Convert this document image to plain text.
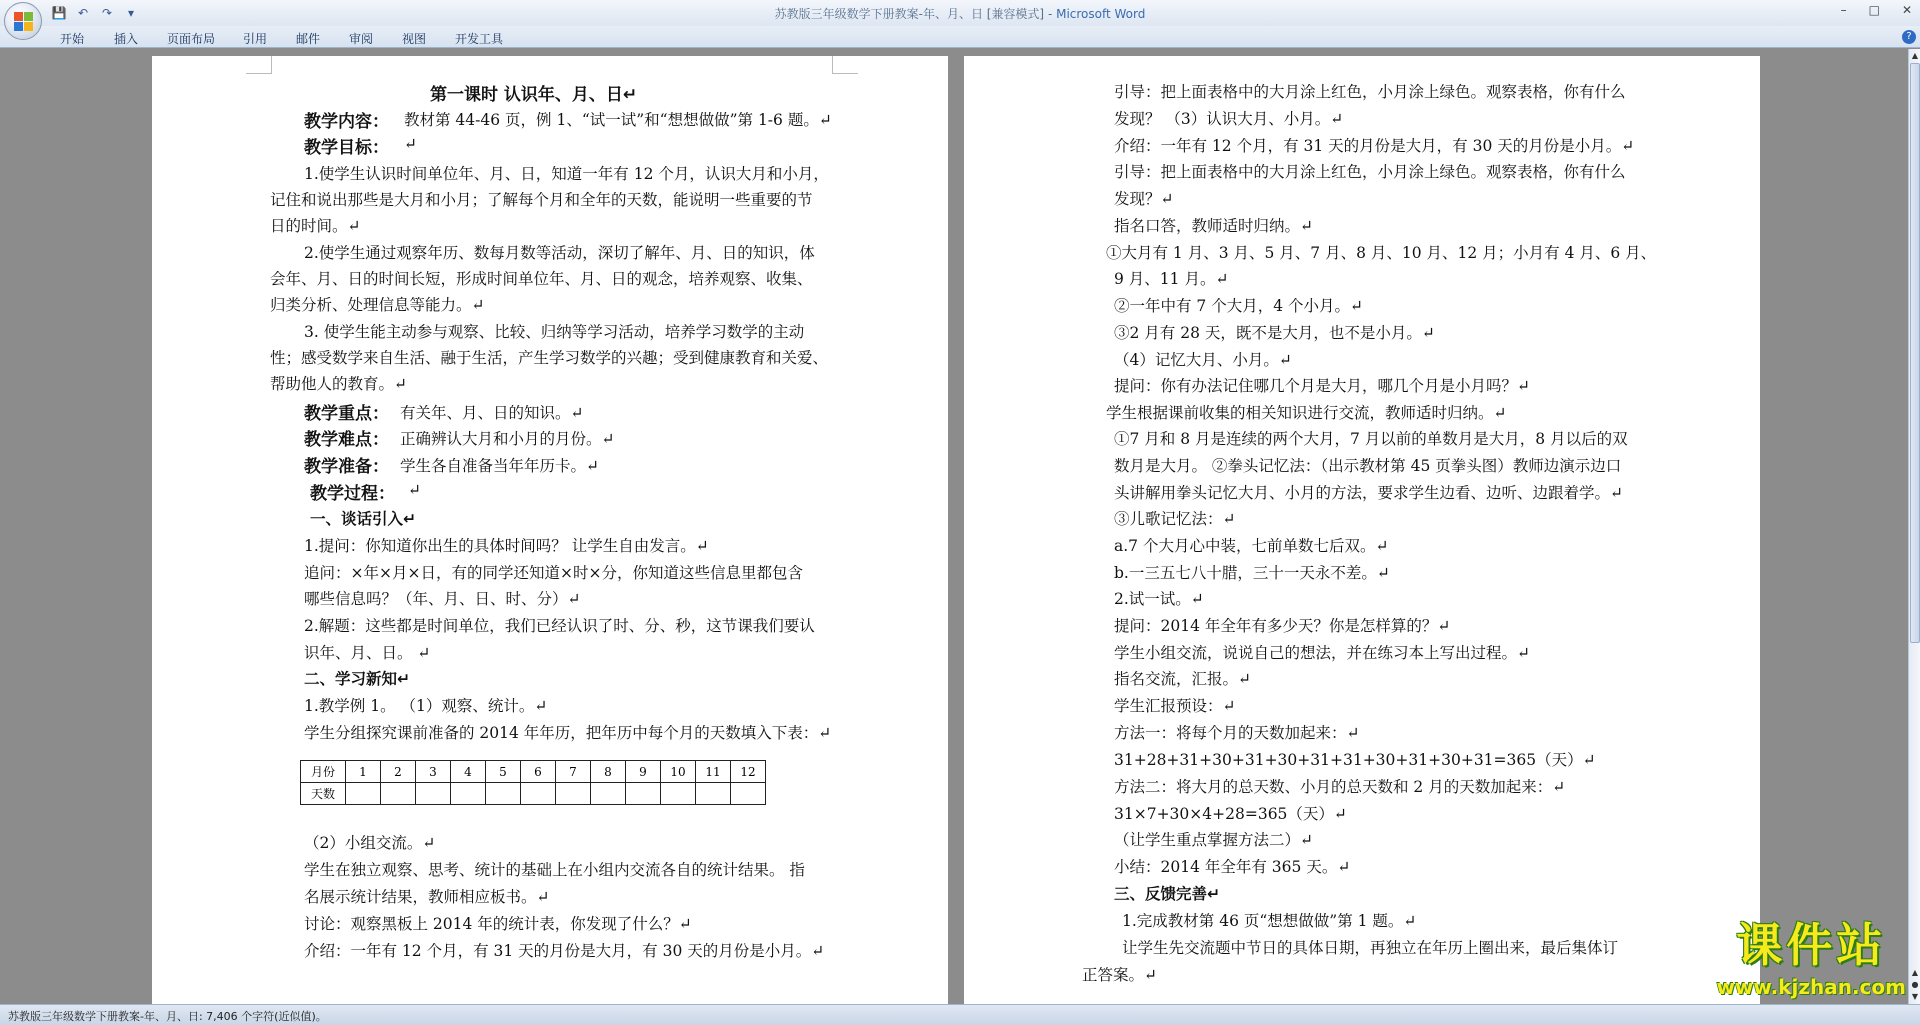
💾 ↶	↷	▾	苏教版三年级数学下册教案-年、月、日 [兼容模式] - Microsoft Word	– □ ✕
开始 插入 页面布局 引用 邮件 审阅 视图 开发工具	?
第一课时 认识年、月、日↵
教学内容： 教材第 44-46 页，例 1、“试一试”和“想想做做”第 1-6 题。↵
教学目标： ↵
1.使学生认识时间单位年、月、日，知道一年有 12 个月，认识大月和小月，
记住和说出那些是大月和小月；了解每个月和全年的天数，能说明一些重要的节
日的时间。↵
2.使学生通过观察年历、数每月数等活动，深切了解年、月、日的知识，体
会年、月、日的时间长短，形成时间单位年、月、日的观念，培养观察、收集、
归类分析、处理信息等能力。↵
3. 使学生能主动参与观察、比较、归纳等学习活动，培养学习数学的主动
性；感受数学来自生活、融于生活，产生学习数学的兴趣；受到健康教育和关爱、
帮助他人的教育。↵
教学重点： 有关年、月、日的知识。↵
教学难点： 正确辨认大月和小月的月份。↵
教学准备： 学生各自准备当年年历卡。↵
教学过程： ↵
一、谈话引入↵
1.提问：你知道你出生的具体时间吗？ 让学生自由发言。↵
追问：×年×月×日，有的同学还知道×时×分，你知道这些信息里都包含
哪些信息吗？（年、月、日、时、分）↵
2.解题：这些都是时间单位，我们已经认识了时、分、秒，这节课我们要认
识年、月、日。 ↵
二、学习新知↵
1.教学例 1。 （1）观察、统计。↵
学生分组探究课前准备的 2014 年年历，把年历中每个月的天数填入下表：↵
（2）小组交流。↵
学生在独立观察、思考、统计的基础上在小组内交流各自的统计结果。 指
名展示统计结果，教师相应板书。↵
讨论：观察黑板上 2014 年的统计表，你发现了什么？↵
介绍：一年有 12 个月，有 31 天的月份是大月，有 30 天的月份是小月。↵
月份	1	2	3	4	5	6	7	8	9	10	11	12
天数												
引导：把上面表格中的大月涂上红色，小月涂上绿色。观察表格，你有什么
发现？ （3）认识大月、小月。↵
介绍：一年有 12 个月，有 31 天的月份是大月，有 30 天的月份是小月。↵
引导：把上面表格中的大月涂上红色，小月涂上绿色。观察表格，你有什么
发现？↵
指名口答，教师适时归纳。↵
①大月有 1 月、3 月、5 月、7 月、8 月、10 月、12 月；小月有 4 月、6 月、
9 月、11 月。↵
②一年中有 7 个大月，4 个小月。↵
③2 月有 28 天，既不是大月，也不是小月。↵
（4）记忆大月、小月。↵
提问：你有办法记住哪几个月是大月，哪几个月是小月吗？↵
学生根据课前收集的相关知识进行交流，教师适时归纳。↵
①7 月和 8 月是连续的两个大月，7 月以前的单数月是大月，8 月以后的双
数月是大月。 ②拳头记忆法：（出示教材第 45 页拳头图）教师边演示边口
头讲解用拳头记忆大月、小月的方法，要求学生边看、边听、边跟着学。↵
③儿歌记忆法：↵
a.7 个大月心中装，七前单数七后双。↵
b.一三五七八十腊，三十一天永不差。↵
2.试一试。↵
提问：2014 年全年有多少天？你是怎样算的？↵
学生小组交流，说说自己的想法，并在练习本上写出过程。↵
指名交流，汇报。↵
学生汇报预设：↵
方法一：将每个月的天数加起来：↵
31+28+31+30+31+30+31+31+30+31+30+31=365（天）↵
方法二：将大月的总天数、小月的总天数和 2 月的天数加起来：↵
31×7+30×4+28=365（天）↵
（让学生重点掌握方法二）↵
小结：2014 年全年有 365 天。↵
三、反馈完善↵
1.完成教材第 46 页“想想做做”第 1 题。↵
让学生先交流题中节日的具体日期，再独立在年历上圈出来，最后集体订
正答案。↵
▲
▲
●
▼
课件站
www.kjzhan.com
苏教版三年级数学下册教案-年、月、日: 7,406 个字符(近似值)。
